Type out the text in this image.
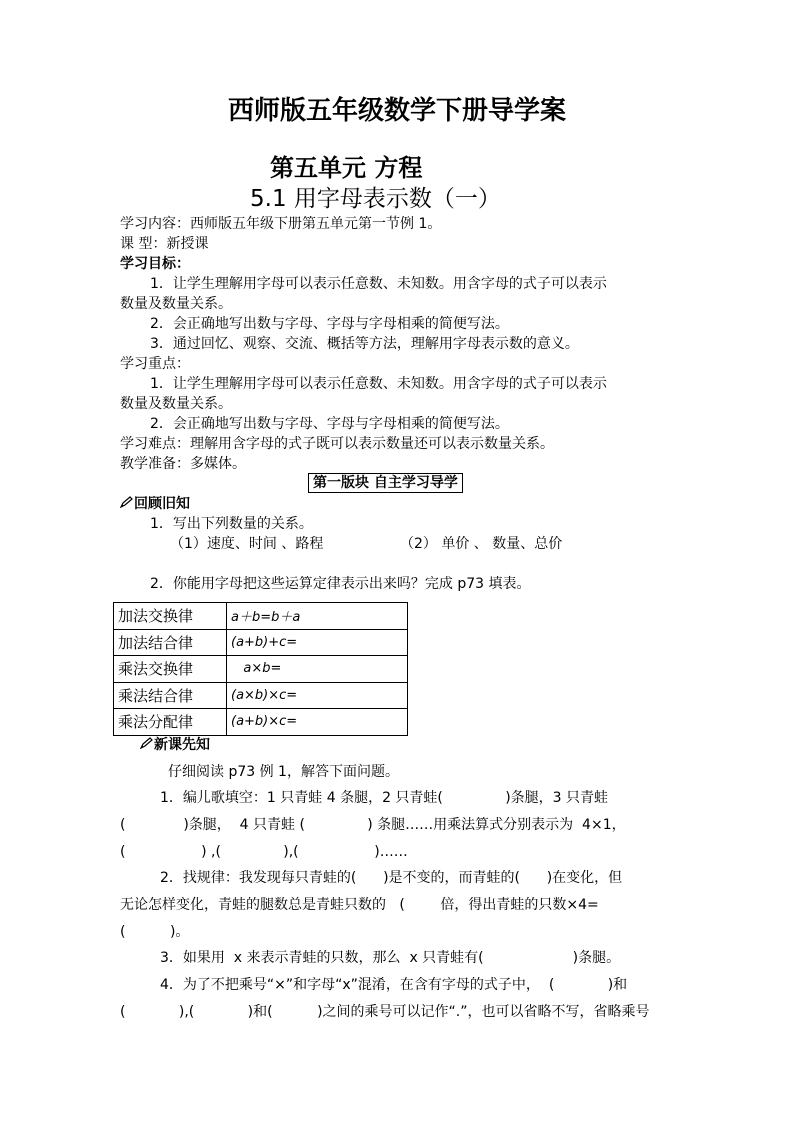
西师版五年级数学下册导学案
第五单元 方程
5.1 用字母表示数（一）
学习内容：西师版五年级下册第五单元第一节例 1。
课 型：新授课
学习目标：
1．让学生理解用字母可以表示任意数、未知数。用含字母的式子可以表示
数量及数量关系。
2．会正确地写出数与字母、字母与字母相乘的简便写法。
3．通过回忆、观察、交流、概括等方法，理解用字母表示数的意义。
学习重点：
1．让学生理解用字母可以表示任意数、未知数。用含字母的式子可以表示
数量及数量关系。
2．会正确地写出数与字母、字母与字母相乘的简便写法。
学习难点：理解用含字母的式子既可以表示数量还可以表示数量关系。
教学准备：多媒体。
第一版块 自主学习导学
回顾旧知
1．写出下列数量的关系。
（1）速度、时间 、路程	（2） 单价 、 数量、总价
2．你能用字母把这些运算定律表示出来吗？完成 p73 填表。
加法交换律	a＋b=b＋a
加法结合律	(a+b)+c=
乘法交换律	a×b=
乘法结合律	(a×b)×c=
乘法分配律	(a+b)×c=
新课先知
仔细阅读 p73 例 1，解答下面问题。
1．编儿歌填空：1 只青蛙 4 条腿，2 只青蛙(              )条腿，3 只青蛙
(             )条腿，  4 只青蛙 (              ) 条腿……用乘法算式分别表示为  4×1，
(                 ) ,(              ),(                 )……
2．找规律：我发现每只青蛙的(      )是不变的，而青蛙的(      )在变化，但
无论怎样变化，青蛙的腿数总是青蛙只数的   (        倍，得出青蛙的只数×4=
(          )。
3．如果用  x 来表示青蛙的只数，那么  x 只青蛙有(                    )条腿。
4．为了不把乘号“×”和字母“x”混淆，在含有字母的式子中，  (            )和
(            ),(            )和(          )之间的乘号可以记作“.”，也可以省略不写，省略乘号
